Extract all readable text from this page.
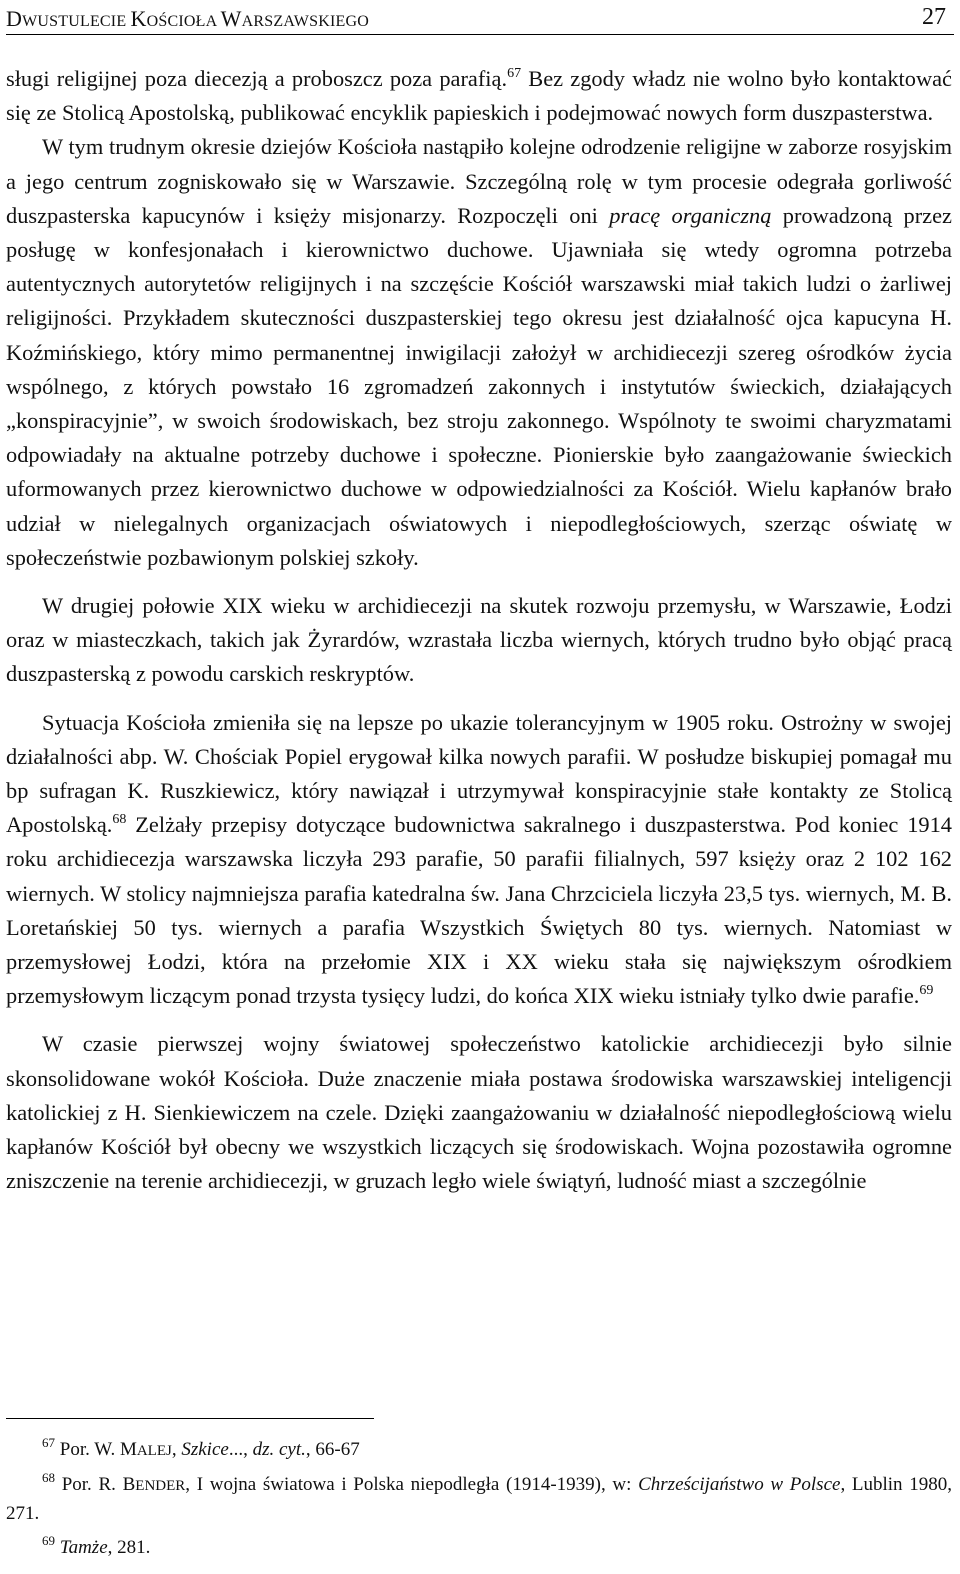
DWUSTULECIE KOŚCIOŁA WARSZAWSKIEGO	27

sługi religijnej poza diecezją a proboszcz poza parafią.$^{67}$ Bez zgody władz nie wolno było kontaktować się ze Stolicą Apostolską, publikować encyklik papieskich i podejmować nowych form duszpasterstwa.

W tym trudnym okresie dziejów Kościoła nastąpiło kolejne odrodzenie religijne w zaborze rosyjskim a jego centrum zogniskowało się w Warszawie. Szczególną rolę w tym procesie odegrała gorliwość duszpasterska kapucynów i księży misjonarzy. Rozpoczęli oni pracę organiczną prowadzoną przez posługę w konfesjonałach i kierownictwo duchowe. Ujawniała się wtedy ogromna potrzeba autentycznych autorytetów religijnych i na szczęście Kościół warszawski miał takich ludzi o żarliwej religijności. Przykładem skuteczności duszpasterskiej tego okresu jest działalność ojca kapucyna H. Koźmińskiego, który mimo permanentnej inwigilacji założył w archidiecezji szereg ośrodków życia wspólnego, z których powstało 16 zgromadzeń zakonnych i instytutów świeckich, działających „konspiracyjnie”, w swoich środowiskach, bez stroju zakonnego. Wspólnoty te swoimi charyzmatami odpowiadały na aktualne potrzeby duchowe i społeczne. Pionierskie było zaangażowanie świeckich uformowanych przez kierownictwo duchowe w odpowiedzialności za Kościół. Wielu kapłanów brało udział w nielegalnych organizacjach oświatowych i niepodległościowych, szerząc oświatę w społeczeństwie pozbawionym polskiej szkoły.

W drugiej połowie XIX wieku w archidiecezji na skutek rozwoju przemysłu, w Warszawie, Łodzi oraz w miasteczkach, takich jak Żyrardów, wzrastała liczba wiernych, których trudno było objąć pracą duszpasterską z powodu carskich reskryptów.

Sytuacja Kościoła zmieniła się na lepsze po ukazie tolerancyjnym w 1905 roku. Ostrożny w swojej działalności abp. W. Chościak Popiel erygował kilka nowych parafii. W posłudze biskupiej pomagał mu bp sufragan K. Ruszkiewicz, który nawiązał i utrzymywał konspiracyjnie stałe kontakty ze Stolicą Apostolską.$^{68}$ Zelżały przepisy dotyczące budownictwa sakralnego i duszpasterstwa. Pod koniec 1914 roku archidiecezja warszawska liczyła 293 parafie, 50 parafii filialnych, 597 księży oraz 2 102 162 wiernych. W stolicy najmniejsza parafia katedralna św. Jana Chrzciciela liczyła 23,5 tys. wiernych, M. B. Loretańskiej 50 tys. wiernych a parafia Wszystkich Świętych 80 tys. wiernych. Natomiast w przemysłowej Łodzi, która na przełomie XIX i XX wieku stała się największym ośrodkiem przemysłowym liczącym ponad trzysta tysięcy ludzi, do końca XIX wieku istniały tylko dwie parafie.$^{69}$

W czasie pierwszej wojny światowej społeczeństwo katolickie archidiecezji było silnie skonsolidowane wokół Kościoła. Duże znaczenie miała postawa środowiska warszawskiej inteligencji katolickiej z H. Sienkiewiczem na czele. Dzięki zaangażowaniu w działalność niepodległościową wielu kapłanów Kościół był obecny we wszystkich liczących się środowiskach. Wojna pozostawiła ogromne zniszczenie na terenie archidiecezji, w gruzach legło wiele świątyń, ludność miast a szczególnie

$^{67}$ Por. W. MALEJ, Szkice..., dz. cyt., 66-67

$^{68}$ Por. R. BENDER, I wojna światowa i Polska niepodległa (1914-1939), w: Chrześcijaństwo w Polsce, Lublin 1980, 271.

$^{69}$ Tamże, 281.
